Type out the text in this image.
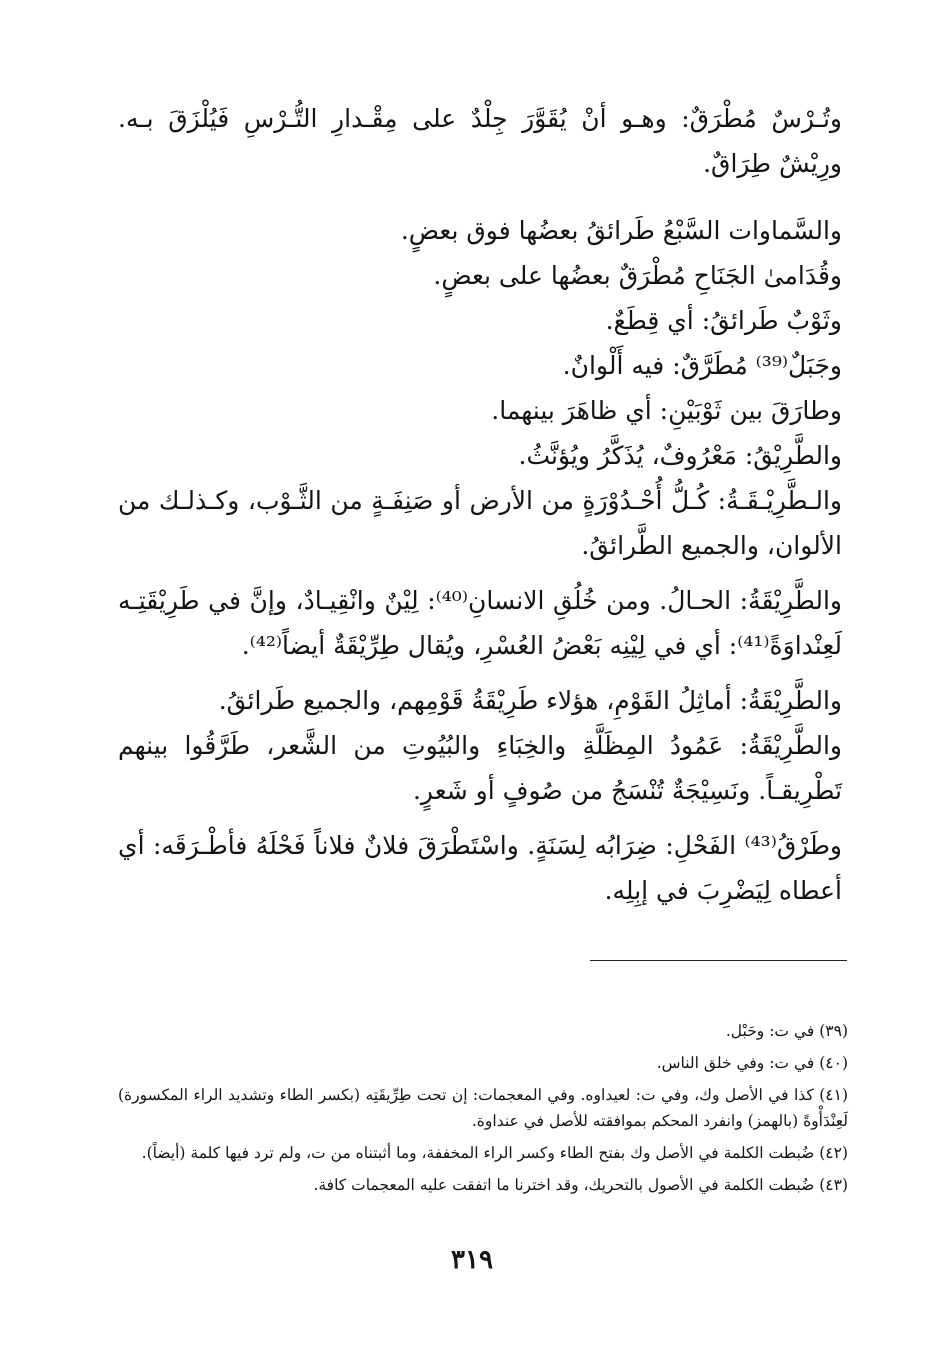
وتُـرْسٌ مُطْرَقٌ: وهـو أنْ يُقَوَّرَ جِلْدٌ على مِقْـدارِ التُّـرْسِ فَيُلْزَقَ بـه. ورِيْشٌ طِرَاقٌ.

والسَّماوات السَّبْعُ طَرائقُ بعضُها فوق بعضٍ.

وقُدَامىٰ الجَنَاحِ مُطْرَقٌ بعضُها على بعضٍ.

وثَوْبٌ طَرائقُ: أي قِطَعٌ.

وجَبَلٌ⁽³⁹⁾ مُطَرَّقٌ: فيه أَلْوانٌ.

وطارَقَ بين ثَوْبَيْنِ: أي ظاهَرَ بينهما.

والطَّرِيْقُ: مَعْرُوفٌ، يُذَكَّرُ ويُؤنَّثُ.

والـطَّرِيْـقَـةُ: كُـلُّ أُحْـدُوْرَةٍ من الأرض أو صَنِفَـةٍ من الثَّـوْب، وكـذلـك من الألوان، والجميع الطَّرائقُ.

والطَّرِيْقَةُ: الحـالُ. ومن خُلُقِ الانسانِ⁽⁴⁰⁾: لِيْنٌ وانْقِيـادٌ، وإنَّ في طَرِيْقَتِـه لَعِنْداوَةً⁽⁴¹⁾: أي في لِيْنِه بَعْضُ العُسْرِ، ويُقال طِرِّيْقَةٌ أيضاً⁽⁴²⁾.

والطَّرِيْقَةُ: أماثِلُ القَوْمِ، هؤلاء طَرِيْقَةُ قَوْمِهم، والجميع طَرائقُ.

والطَّرِيْقَةُ: عَمُودُ المِظَلَّةِ والخِبَاءِ والبُيُوتِ من الشَّعر، طَرَّقُوا بينهم تَطْرِيقـاً. ونَسِيْجَةٌ تُنْسَجُ من صُوفٍ أو شَعرٍ.

وطَرْقُ⁽⁴³⁾ الفَحْلِ: ضِرَابُه لِسَنَةٍ. واسْتَطْرَقَ فلانٌ فلاناً فَحْلَهُ فأطْـرَقَه: أي أعطاه لِيَضْرِبَ في إبِلِه.

(٣٩) في ت: وحَبْل.

(٤٠) في ت: وفي خلق الناس.

(٤١) كذا في الأصل وك، وفي ت: لعيداوه. وفي المعجمات: إن تحت طِرِّيقَتِه (بكسر الطاء وتشديد الراء المكسورة) لَعِنْدَأْوةً (بالهمز) وانفرد المحكم بموافقته للأصل في عنداوة.

(٤٢) ضُبطت الكلمة في الأصل وك بفتح الطاء وكسر الراء المخففة، وما أثبتناه من ت، ولم ترد فيها كلمة (أيضاً).

(٤٣) ضُبطت الكلمة في الأصول بالتحريك، وقد اخترنا ما اتفقت عليه المعجمات كافة.

٣١٩
